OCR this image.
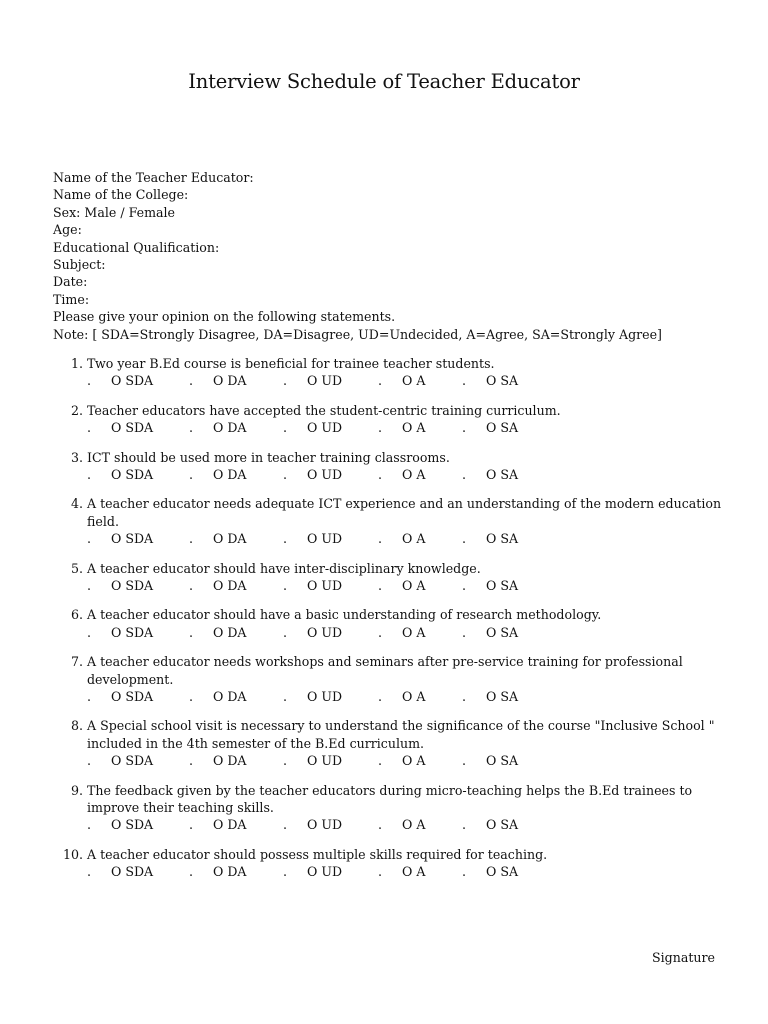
Interview Schedule of Teacher Educator
Name of the Teacher Educator:
Name of the College:
Sex: Male / Female
Age:
Educational Qualification:
Subject:
Date:
Time:
Please give your opinion on the following statements.
Note: [ SDA=Strongly Disagree, DA=Disagree, UD=Undecided, A=Agree, SA=Strongly Agree]
1. Two year B.Ed course is beneficial for trainee teacher students.
. O SDA	. O DA	. O UD	. O A	. O SA
2. Teacher educators have accepted the student-centric training curriculum.
. O SDA	. O DA	. O UD	. O A	. O SA
3. ICT should be used more in teacher training classrooms.
. O SDA	. O DA	. O UD	. O A	. O SA
4. A teacher educator needs adequate ICT experience and an understanding of the modern education field.
. O SDA	. O DA	. O UD	. O A	. O SA
5. A teacher educator should have inter-disciplinary knowledge.
. O SDA	. O DA	. O UD	. O A	. O SA
6. A teacher educator should have a basic understanding of research methodology.
. O SDA	. O DA	. O UD	. O A	. O SA
7. A teacher educator needs workshops and seminars after pre-service training for professional development.
. O SDA	. O DA	. O UD	. O A	. O SA
8. A Special school visit is necessary to understand the significance of the course "Inclusive School " included in the 4th semester of the B.Ed curriculum.
. O SDA	. O DA	. O UD	. O A	. O SA
9. The feedback given by the teacher educators during micro-teaching helps the B.Ed trainees to improve their teaching skills.
. O SDA	. O DA	. O UD	. O A	. O SA
10. A teacher educator should possess multiple skills required for teaching.
. O SDA	. O DA	. O UD	. O A	. O SA
Signature
